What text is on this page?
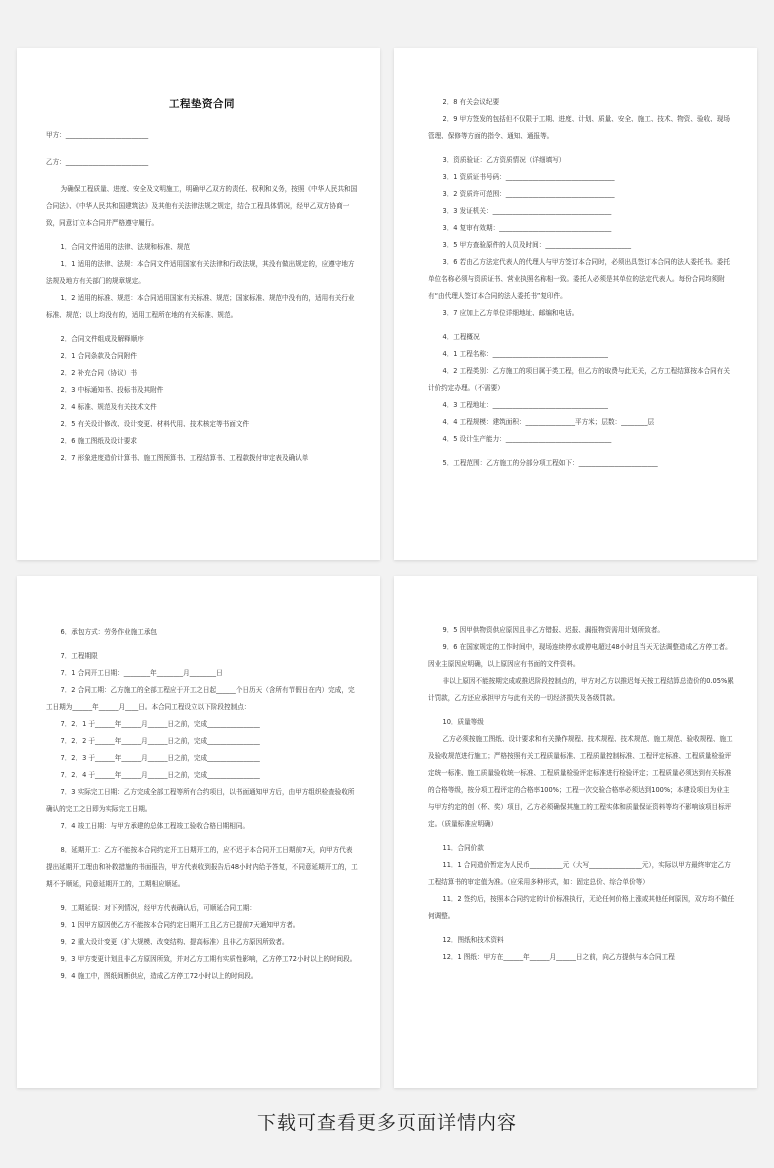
工程垫资合同

甲方：_________________________

乙方：_________________________

为确保工程质量、进度、安全及文明施工，明确甲乙双方的责任、权利和义务，按照《中华人民共和国合同法》、《中华人民共和国建筑法》及其他有关法律法规之规定，结合工程具体情况，经甲乙双方协商一致，同意订立本合同并严格遵守履行。

1．合同文件适用的法律、法规和标准、规范

1．1 适用的法律、法规：本合同文件适用国家有关法律和行政法规，其没有做出规定的，应遵守地方法规及地方有关部门的规章规定。

1．2 适用的标准、规范：本合同适用国家有关标准、规范；国家标准、规范中没有的，适用有关行业标准、规范；以上均没有的，适用工程所在地的有关标准、规范。

2．合同文件组成及解释顺序

2．1 合同条款及合同附件

2．2 补充合同（协议）书

2．3 中标通知书、投标书及其附件

2．4 标准、规范及有关技术文件

2．5 有关设计修改、设计变更、材料代用、技术核定等书面文件

2．6 施工图纸及设计要求

2．7 形象进度造价计算书、施工图预算书、工程结算书、工程款拨付审定表及确认单

2．8 有关会议纪要

2．9 甲方签发的包括但不仅限于工期、进度、计划、质量、安全、施工、技术、物资、验收、现场管理、保修等方面的指令、通知、通报等。

3．资质验证：乙方资质情况（详细填写）

3．1 资质证书号码：_________________________________

3．2 资质许可范围：_________________________________

3．3 发证机关：____________________________________

3．4 复审有效期：__________________________________

3．5 甲方查验原件的人员及时间：__________________________

3．6 若由乙方法定代表人的代理人与甲方签订本合同时，必须出具签订本合同的法人委托书。委托单位名称必须与资质证书、营业执照名称相一致。委托人必须是其单位的法定代表人。每份合同均须附有“由代理人签订本合同的法人委托书”复印件。

3．7 应加上乙方单位详细地址、邮编和电话。

4．工程概况

4．1 工程名称：___________________________________

4．2 工程类别：乙方施工的项目属于类工程，但乙方的取费与此无关，乙方工程结算按本合同有关计价约定办理。（不需要）

4．3 工程地址：___________________________________

4．4 工程规模：建筑面积：_______________平方米；层数：________层

4．5 设计生产能力：________________________________

5．工程范围：乙方施工的分部分项工程如下：________________________

6．承包方式：劳务作业施工承包

7．工程期限

7．1 合同开工日期：________年________月________日

7．2 合同工期：乙方施工的全部工程应于开工之日起______个日历天（含所有节假日在内）完成，完工日期为______年______月____日。本合同工程设立以下阶段控制点：

7．2．1 于______年______月______日之前，完成________________

7．2．2 于______年______月______日之前，完成________________

7．2．3 于______年______月______日之前，完成________________

7．2．4 于______年______月______日之前，完成________________

7．3 实际完工日期：乙方完成全部工程等所有合约项目，以书面通知甲方后，由甲方组织检查验收所确认的完工之日即为实际完工日期。

7．4 竣工日期：与甲方承建的总体工程竣工验收合格日期相同。

8．延期开工：乙方不能按本合同约定开工日期开工的，应不迟于本合同开工日期前7天，向甲方代表提出延期开工理由和补救措施的书面报告，甲方代表收到报告后48小时内给予答复，不同意延期开工的，工期不予顺延，同意延期开工的，工期相应顺延。

9．工期延误：对下列情况，经甲方代表确认后，可顺延合同工期：

9．1 因甲方原因使乙方不能按本合同约定日期开工且乙方已提前7天通知甲方者。

9．2 重大设计变更（扩大规模、改变结构、提高标准）且非乙方原因所致者。

9．3 甲方变更计划且非乙方原因所致，并对乙方工期有实质性影响，乙方停工72小时以上的时间段。

9．4 施工中，图纸间断供应，造成乙方停工72小时以上的时间段。

9．5 因甲供物资供应原因且非乙方错报、迟报、漏报物资需用计划所致者。

9．6 在国家规定的工作时间中，现场连续停水或停电超过48小时且当天无法调整造成乙方停工者。因业主原因应明确，以上原因应有书面的文件资料。

非以上原因不能按期完成或推迟阶段控制点的，甲方对乙方以推迟每天按工程结算总造价的0.05%累计罚款，乙方还应承担甲方与此有关的一切经济损失及各级罚款。

10．质量等级

乙方必须按施工图纸、设计要求和有关操作规程、技术规程、技术规范、施工规范、验收规程、施工及验收规范进行施工；严格按照有关工程质量标准、工程质量控制标准、工程评定标准、工程质量检验评定统一标准、施工质量验收统一标准、工程质量检验评定标准进行检验评定；工程质量必须达到有关标准的合格等级，按分项工程评定的合格率100%；工程一次交验合格率必须达到100%；本建设项目为业主与甲方约定的创（杯、奖）项目，乙方必须确保其施工的工程实体和质量保证资料等均不影响该项目标评定。（质量标准应明确）

11．合同价款

11．1 合同造价暂定为人民币__________元（大写________________元），实际以甲方最终审定乙方工程结算书的审定值为准。（应采用多种形式，如：固定总价、综合单价等）

11．2 签约后，按照本合同约定的计价标准执行，无论任何价格上涨或其他任何原因，双方均不做任何调整。

12．图纸和技术资料

12．1 图纸：甲方在______年______月______日之前，向乙方提供与本合同工程

下载可查看更多页面详情内容
